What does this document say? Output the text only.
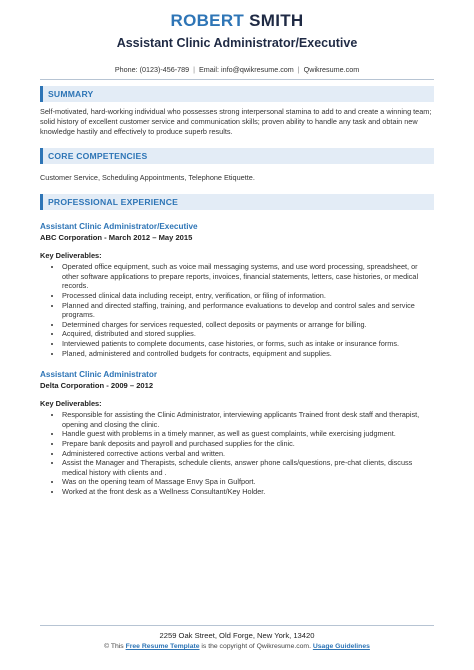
ROBERT SMITH
Assistant Clinic Administrator/Executive
Phone: (0123)-456-789 | Email: info@qwikresume.com | Qwikresume.com
SUMMARY

Self-motivated, hard-working individual who possesses strong interpersonal stamina to add to and create a winning team; solid history of excellent customer service and communication skills; proven ability to handle any task and obtain new knowledge hastily and effectively to produce superb results.

CORE COMPETENCIES

Customer Service, Scheduling Appointments, Telephone Etiquette.

PROFESSIONAL EXPERIENCE
Assistant Clinic Administrator/Executive
ABC Corporation - March 2012 – May 2015
Key Deliverables:
• Operated office equipment, such as voice mail messaging systems, and use word processing, spreadsheet, or other software applications to prepare reports, invoices, financial statements, letters, case histories, or medical records.
• Processed clinical data including receipt, entry, verification, or filing of information.
• Planned and directed staffing, training, and performance evaluations to develop and control sales and service programs.
• Determined charges for services requested, collect deposits or payments or arrange for billing.
• Acquired, distributed and stored supplies.
• Interviewed patients to complete documents, case histories, or forms, such as intake or insurance forms.
• Planed, administered and controlled budgets for contracts, equipment and supplies.
Assistant Clinic Administrator
Delta Corporation - 2009 – 2012
Key Deliverables:
• Responsible for assisting the Clinic Administrator, interviewing applicants Trained front desk staff and therapist, opening and closing the clinic.
• Handle guest with problems in a timely manner, as well as guest complaints, while exercising judgment.
• Prepare bank deposits and payroll and purchased supplies for the clinic.
• Administered corrective actions verbal and written.
• Assist the Manager and Therapists, schedule clients, answer phone calls/questions, pre-chat clients, discuss medical history with clients and .
• Was on the opening team of Massage Envy Spa in Gulfport.
• Worked at the front desk as a Wellness Consultant/Key Holder.
2259 Oak Street, Old Forge, New York, 13420
© This Free Resume Template is the copyright of Qwikresume.com. Usage Guidelines
